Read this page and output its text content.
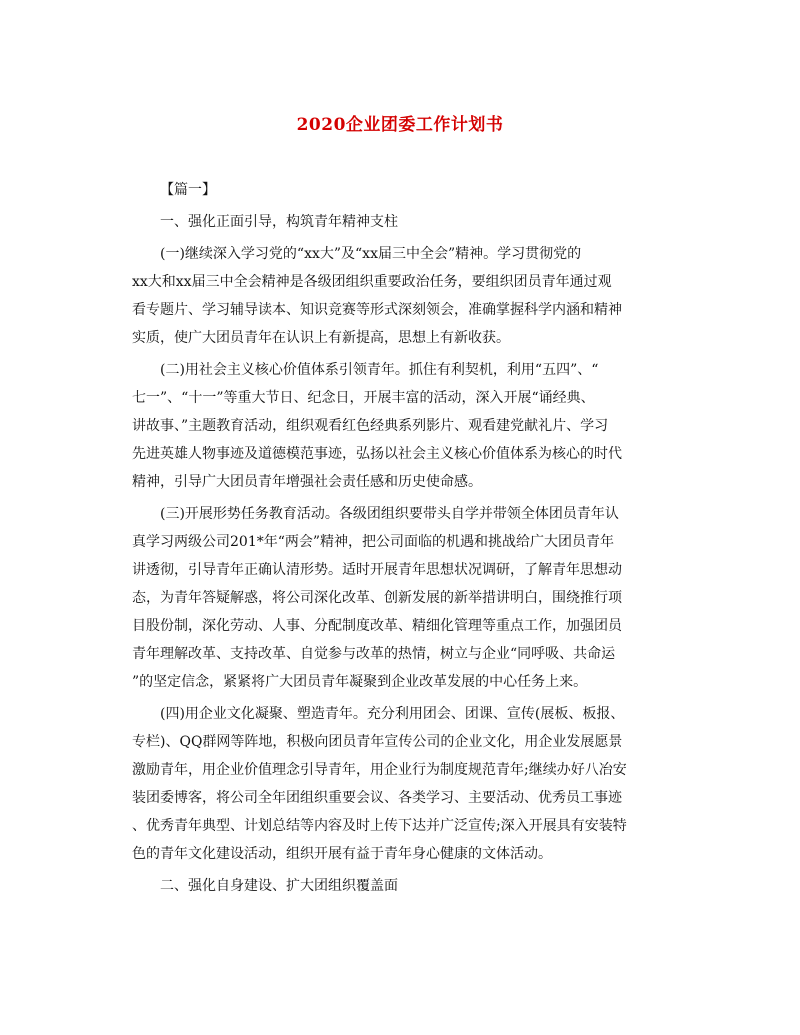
2020企业团委工作计划书
【篇一】
一、强化正面引导，构筑青年精神支柱
(一)继续深入学习党的“xx大”及“xx届三中全会”精神。学习贯彻党的
xx大和xx届三中全会精神是各级团组织重要政治任务，要组织团员青年通过观
看专题片、学习辅导读本、知识竞赛等形式深刻领会，准确掌握科学内涵和精神
实质，使广大团员青年在认识上有新提高，思想上有新收获。
(二)用社会主义核心价值体系引领青年。抓住有利契机，利用“五四”、“
七一”、“十一”等重大节日、纪念日，开展丰富的活动，深入开展“诵经典、
讲故事、”主题教育活动，组织观看红色经典系列影片、观看建党献礼片、学习
先进英雄人物事迹及道德模范事迹，弘扬以社会主义核心价值体系为核心的时代
精神，引导广大团员青年增强社会责任感和历史使命感。
(三)开展形势任务教育活动。各级团组织要带头自学并带领全体团员青年认
真学习两级公司201*年“两会”精神，把公司面临的机遇和挑战给广大团员青年
讲透彻，引导青年正确认清形势。适时开展青年思想状况调研，了解青年思想动
态，为青年答疑解惑，将公司深化改革、创新发展的新举措讲明白，围绕推行项
目股份制，深化劳动、人事、分配制度改革、精细化管理等重点工作，加强团员
青年理解改革、支持改革、自觉参与改革的热情，树立与企业“同呼吸、共命运
”的坚定信念，紧紧将广大团员青年凝聚到企业改革发展的中心任务上来。
(四)用企业文化凝聚、塑造青年。充分利用团会、团课、宣传(展板、板报、
专栏)、QQ群网等阵地，积极向团员青年宣传公司的企业文化，用企业发展愿景
激励青年，用企业价值理念引导青年，用企业行为制度规范青年;继续办好八冶安
装团委博客，将公司全年团组织重要会议、各类学习、主要活动、优秀员工事迹
、优秀青年典型、计划总结等内容及时上传下达并广泛宣传;深入开展具有安装特
色的青年文化建设活动，组织开展有益于青年身心健康的文体活动。
二、强化自身建设、扩大团组织覆盖面
